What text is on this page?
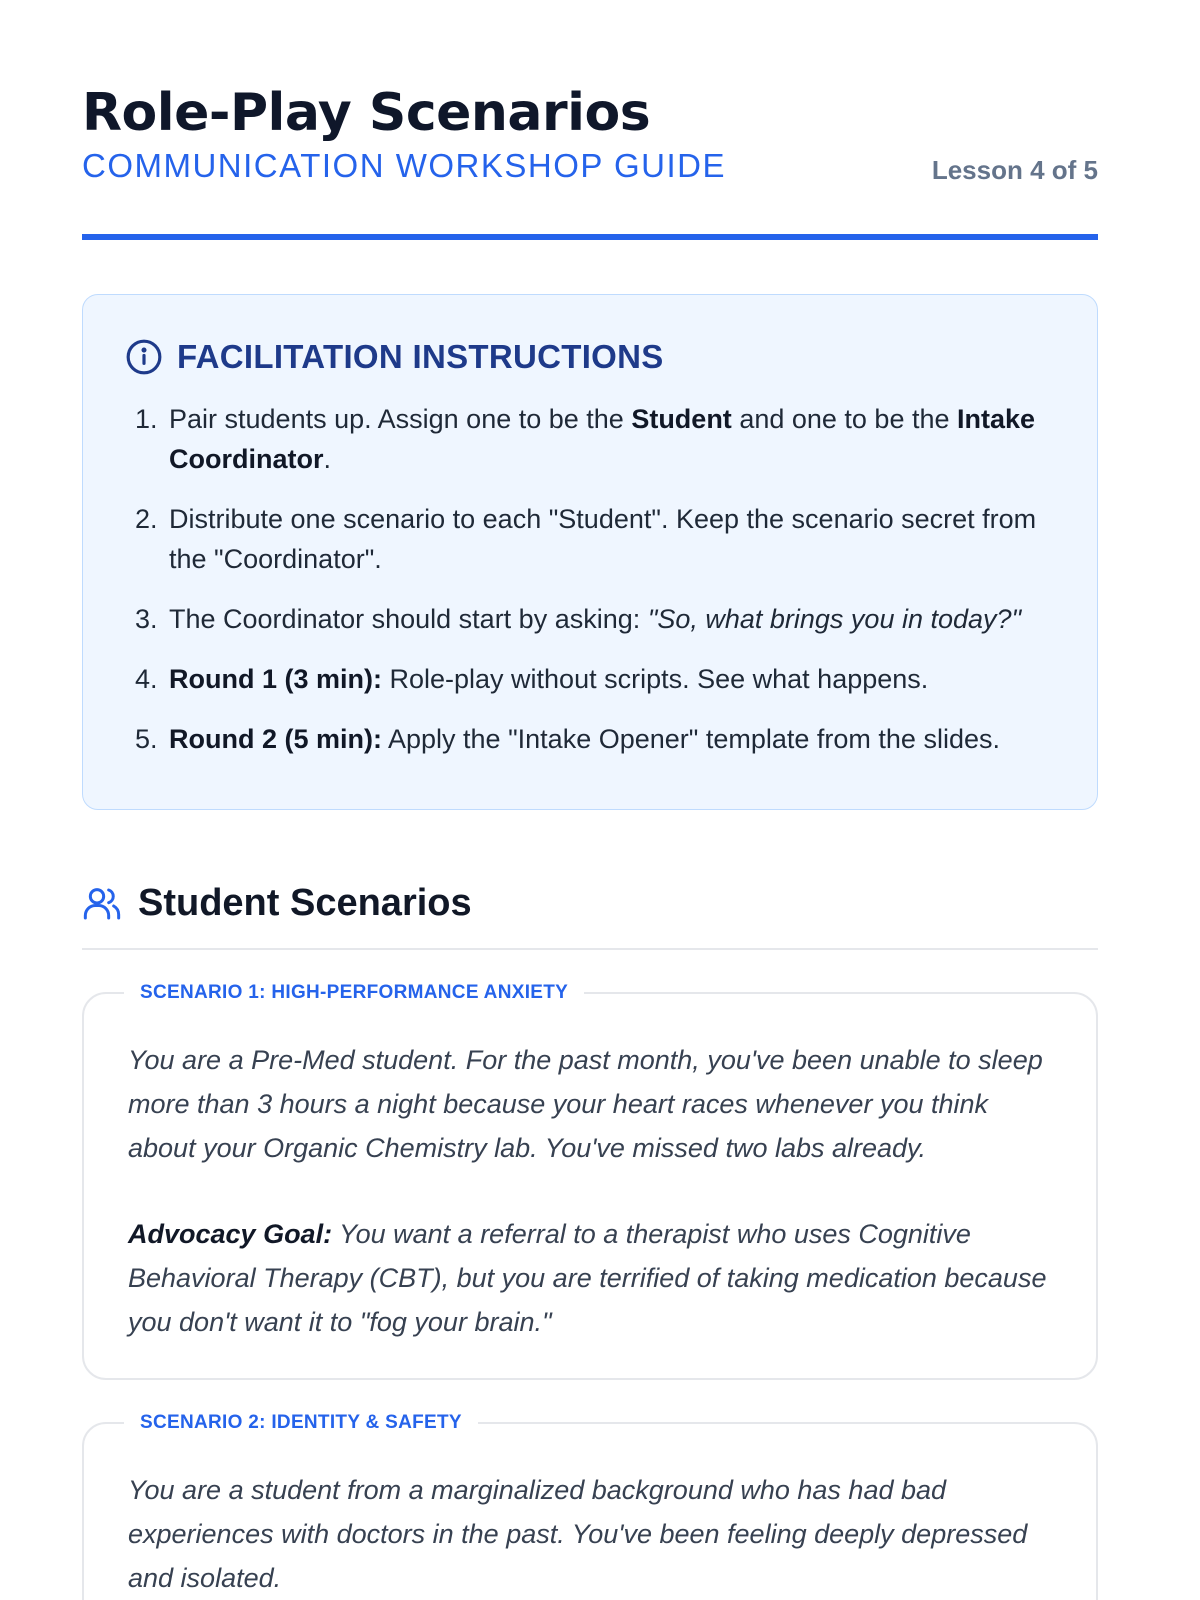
Role-Play Scenarios
COMMUNICATION WORKSHOP GUIDE	Lesson 4 of 5
FACILITATION INSTRUCTIONS
1. Pair students up. Assign one to be the Student and one to be the Intake Coordinator.
2. Distribute one scenario to each "Student". Keep the scenario secret from the "Coordinator".
3. The Coordinator should start by asking: "So, what brings you in today?"
4. Round 1 (3 min): Role-play without scripts. See what happens.
5. Round 2 (5 min): Apply the "Intake Opener" template from the slides.
Student Scenarios
SCENARIO 1: HIGH-PERFORMANCE ANXIETY

You are a Pre-Med student. For the past month, you've been unable to sleep more than 3 hours a night because your heart races whenever you think about your Organic Chemistry lab. You've missed two labs already.

Advocacy Goal: You want a referral to a therapist who uses Cognitive Behavioral Therapy (CBT), but you are terrified of taking medication because you don't want it to "fog your brain."

SCENARIO 2: IDENTITY & SAFETY

You are a student from a marginalized background who has had bad experiences with doctors in the past. You've been feeling deeply depressed and isolated.
